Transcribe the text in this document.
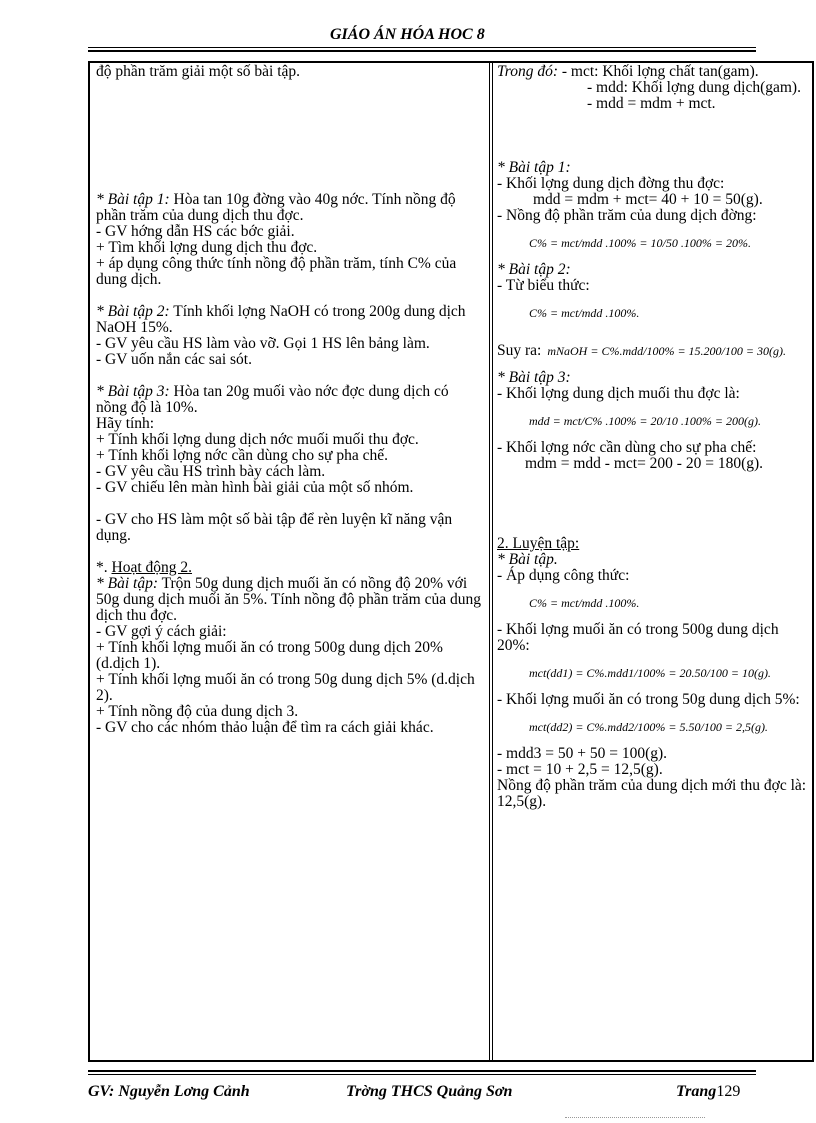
GIÁO ÁN HÓA HOC 8

độ phần trăm giải một số bài tập.

* Bài tập 1: Hòa tan 10g đờng vào 40g nớc. Tính nồng độ phần trăm của dung dịch thu đợc.

- GV hớng dẫn HS các bớc giải.

+ Tìm khối lợng dung dịch thu đợc.

+ áp dụng công thức tính nồng độ phần trăm, tính C% của dung dịch.

* Bài tập 2: Tính khối lợng NaOH có trong 200g dung dịch NaOH 15%.

- GV yêu cầu HS làm vào vỡ. Gọi 1 HS lên bảng làm.

- GV uốn nắn các sai sót.

* Bài tập 3: Hòa tan 20g muối vào nớc đợc dung dịch có nồng độ là 10%.

Hãy tính:

+ Tính khối lợng dung dịch nớc muối muối thu đợc.

+ Tính khối lợng nớc cần dùng cho sự pha chế.

- GV yêu cầu HS trình bày cách làm.

- GV chiếu lên màn hình bài giải của một số nhóm.

- GV cho HS làm một số bài tập để rèn luyện kĩ năng vận dụng.

*. Hoạt động 2.

* Bài tập: Trộn 50g dung dịch muối ăn có nồng độ 20% với 50g dung dịch muối ăn 5%. Tính nồng độ phần trăm của dung dịch thu đợc.

- GV gợi ý cách giải:

+ Tính khối lợng muối ăn có trong 500g dung dịch 20% (d.dịch 1).

+ Tính khối lợng muối ăn có trong 50g dung dịch 5% (d.dịch 2).

+ Tính nồng độ của dung dịch 3.

- GV cho các nhóm thảo luận để tìm ra cách giải khác.

Trong đó: - mct: Khối lợng chất tan(gam).

- mdd: Khối lợng dung dịch(gam).

- mdd = mdm + mct.

* Bài tập 1:

- Khối lợng dung dịch đờng thu đợc:

mdd = mdm + mct= 40 + 10 = 50(g).

- Nồng độ phần trăm của dung dịch đờng:

C% = mct/mdd .100% = 10/50 .100% = 20%.

* Bài tập 2:

- Từ biểu thức:

C% = mct/mdd .100%.

Suy ra: mNaOH = C%.mdd/100% = 15.200/100 = 30(g).

* Bài tập 3:

- Khối lợng dung dịch muối thu đợc là:

mdd = mct/C% .100% = 20/10 .100% = 200(g).

- Khối lợng nớc cần dùng cho sự pha chế:

mdm = mdd - mct= 200 - 20 = 180(g).

2. Luyện tập:

* Bài tập.

- Áp dụng công thức:

C% = mct/mdd .100%.

- Khối lợng muối ăn có trong 500g dung dịch 20%:

mct(dd1) = C%.mdd1/100% = 20.50/100 = 10(g).

- Khối lợng muối ăn có trong 50g dung dịch 5%:

mct(dd2) = C%.mdd2/100% = 5.50/100 = 2,5(g).

- mdd3 = 50 + 50 = 100(g).

- mct = 10 + 2,5 = 12,5(g).

Nồng độ phần trăm của dung dịch mới thu đợc là: 12,5(g).

GV: Nguyễn Lơng Cảnh	Trờng THCS Quảng Sơn	Trang129
